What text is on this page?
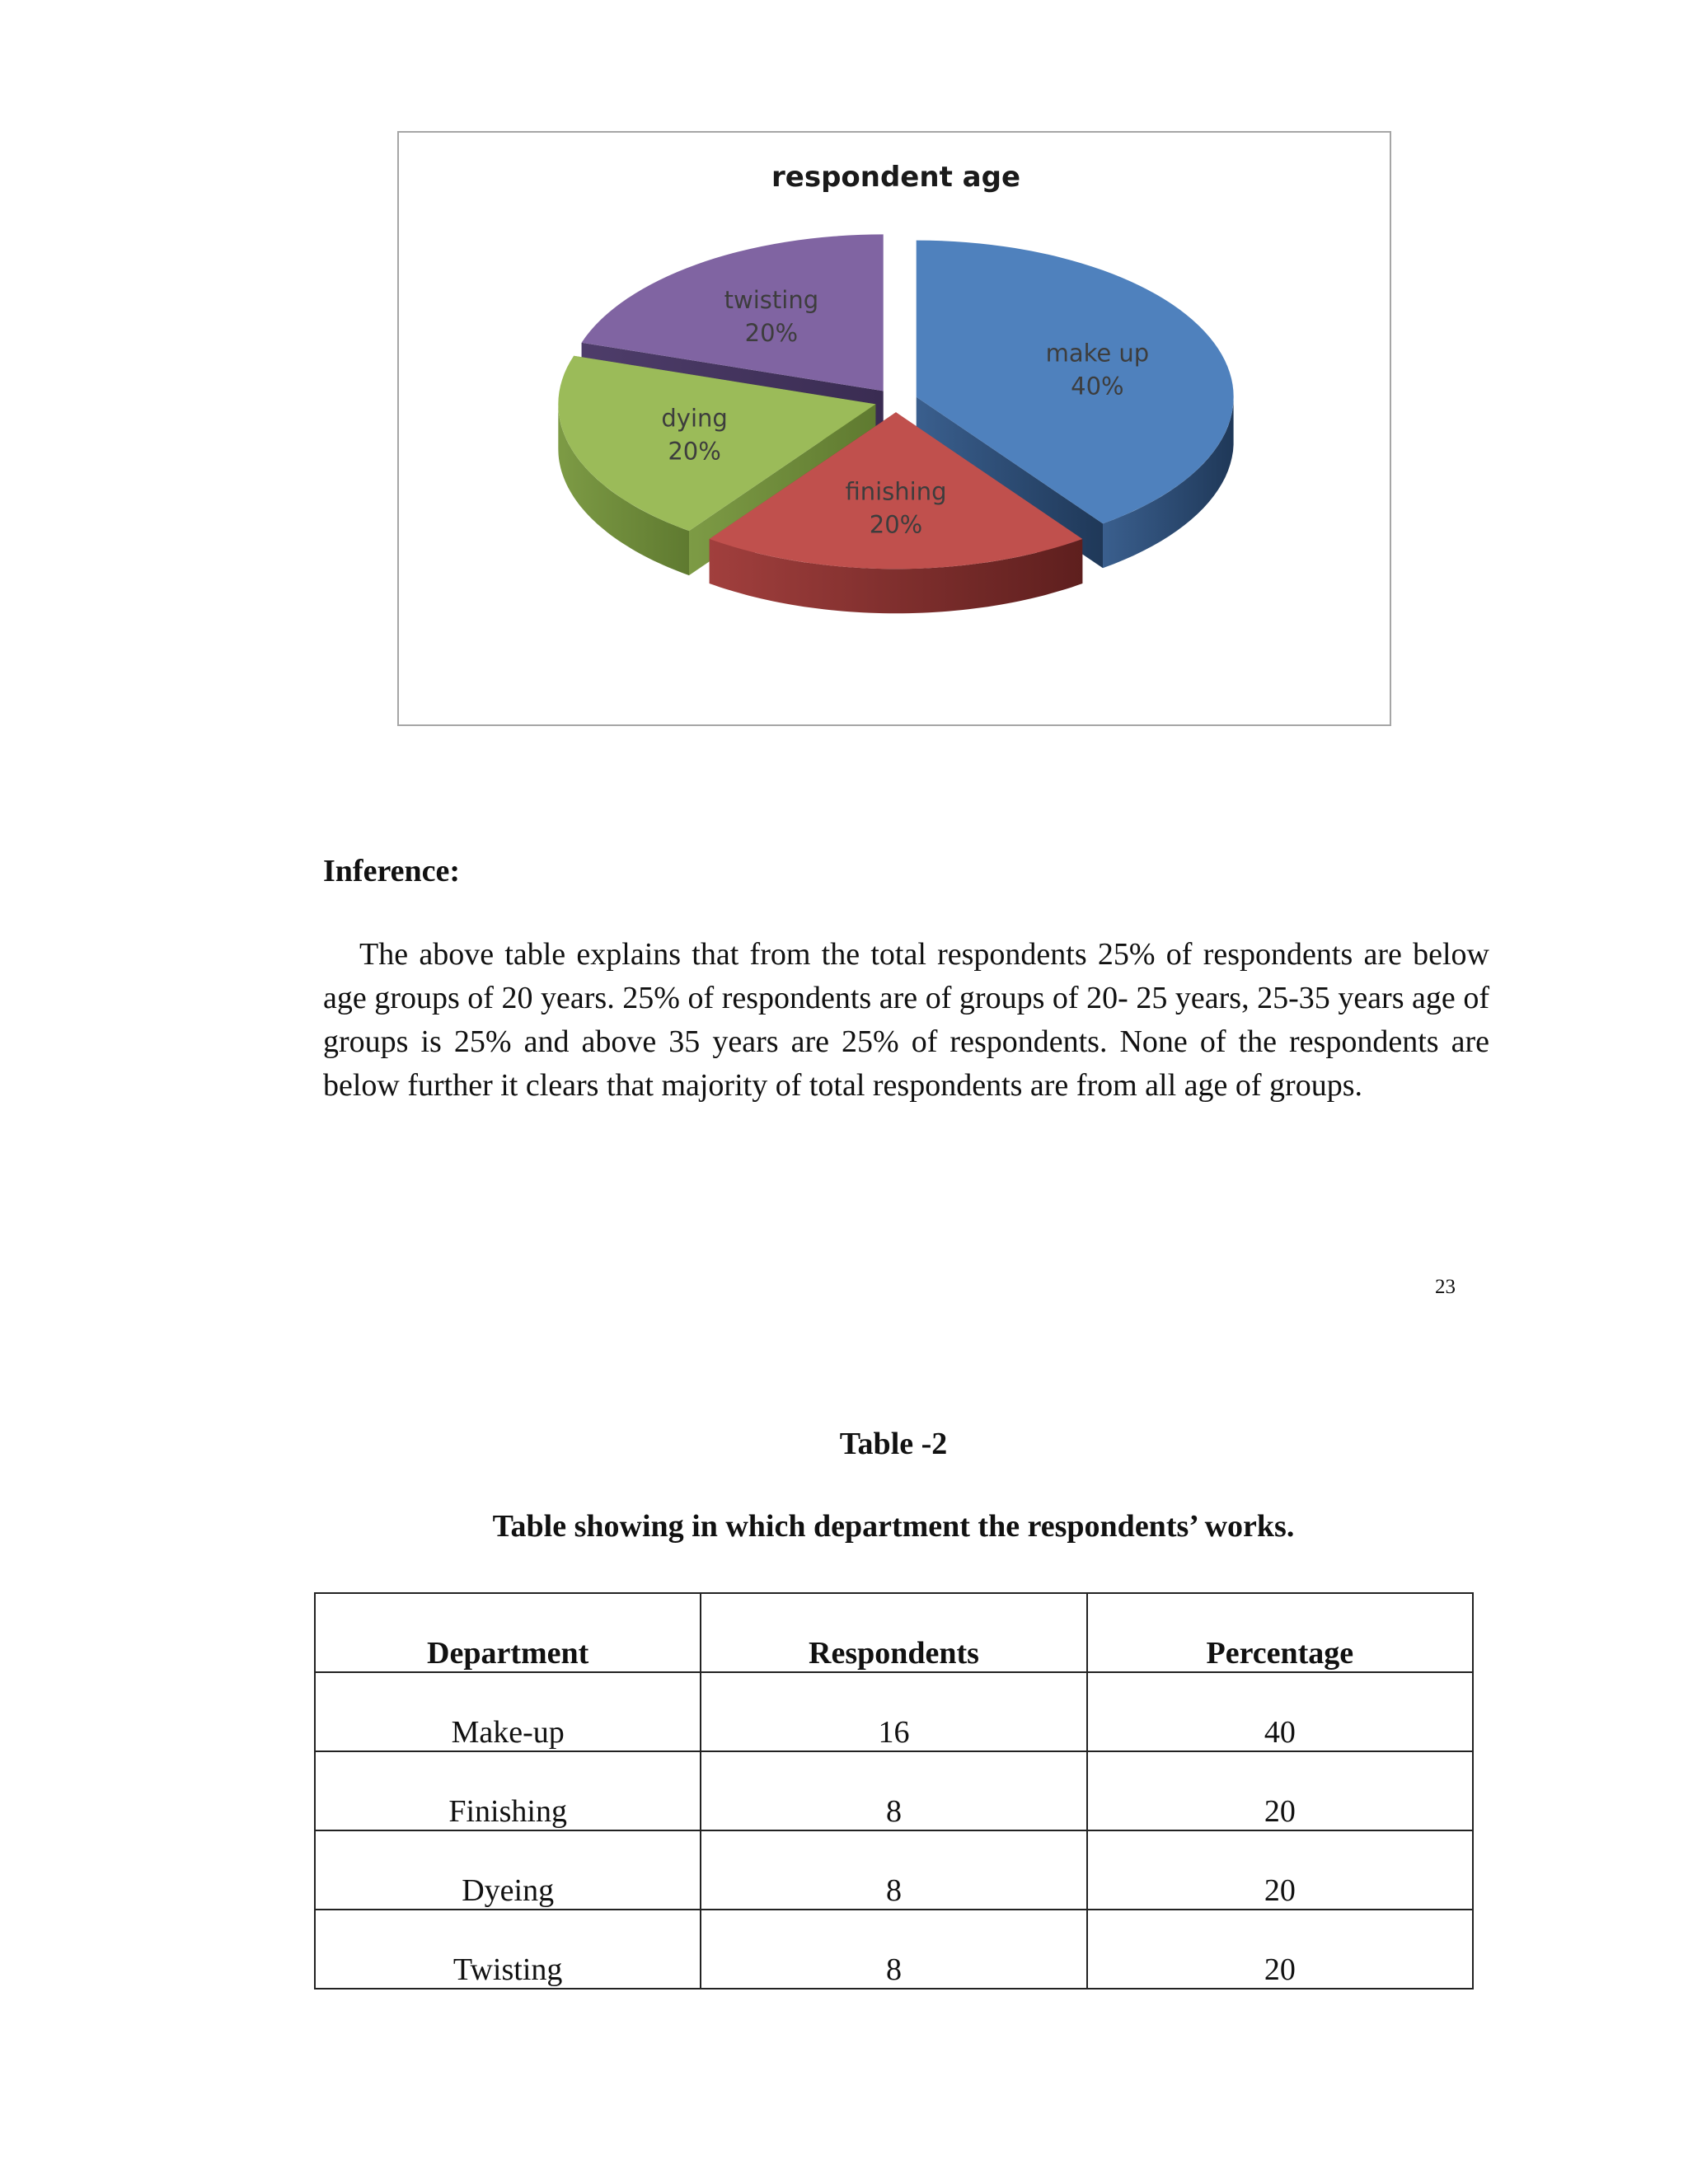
respondent age
make up
40%
finishing
20%
dying
20%
twisting
20%
Inference:
The above table explains that from the total respondents 25% of respondents are below age groups of 20 years. 25% of respondents are of groups of 20- 25 years, 25-35 years age of groups is 25% and above 35 years are 25% of respondents. None of the respondents are below further it clears that majority of total respondents are from all age of groups.
23
Table -2
Table showing in which department the respondents’ works.
Department	Respondents	Percentage
Make-up	16	40
Finishing	8	20
Dyeing	8	20
Twisting	8	20
